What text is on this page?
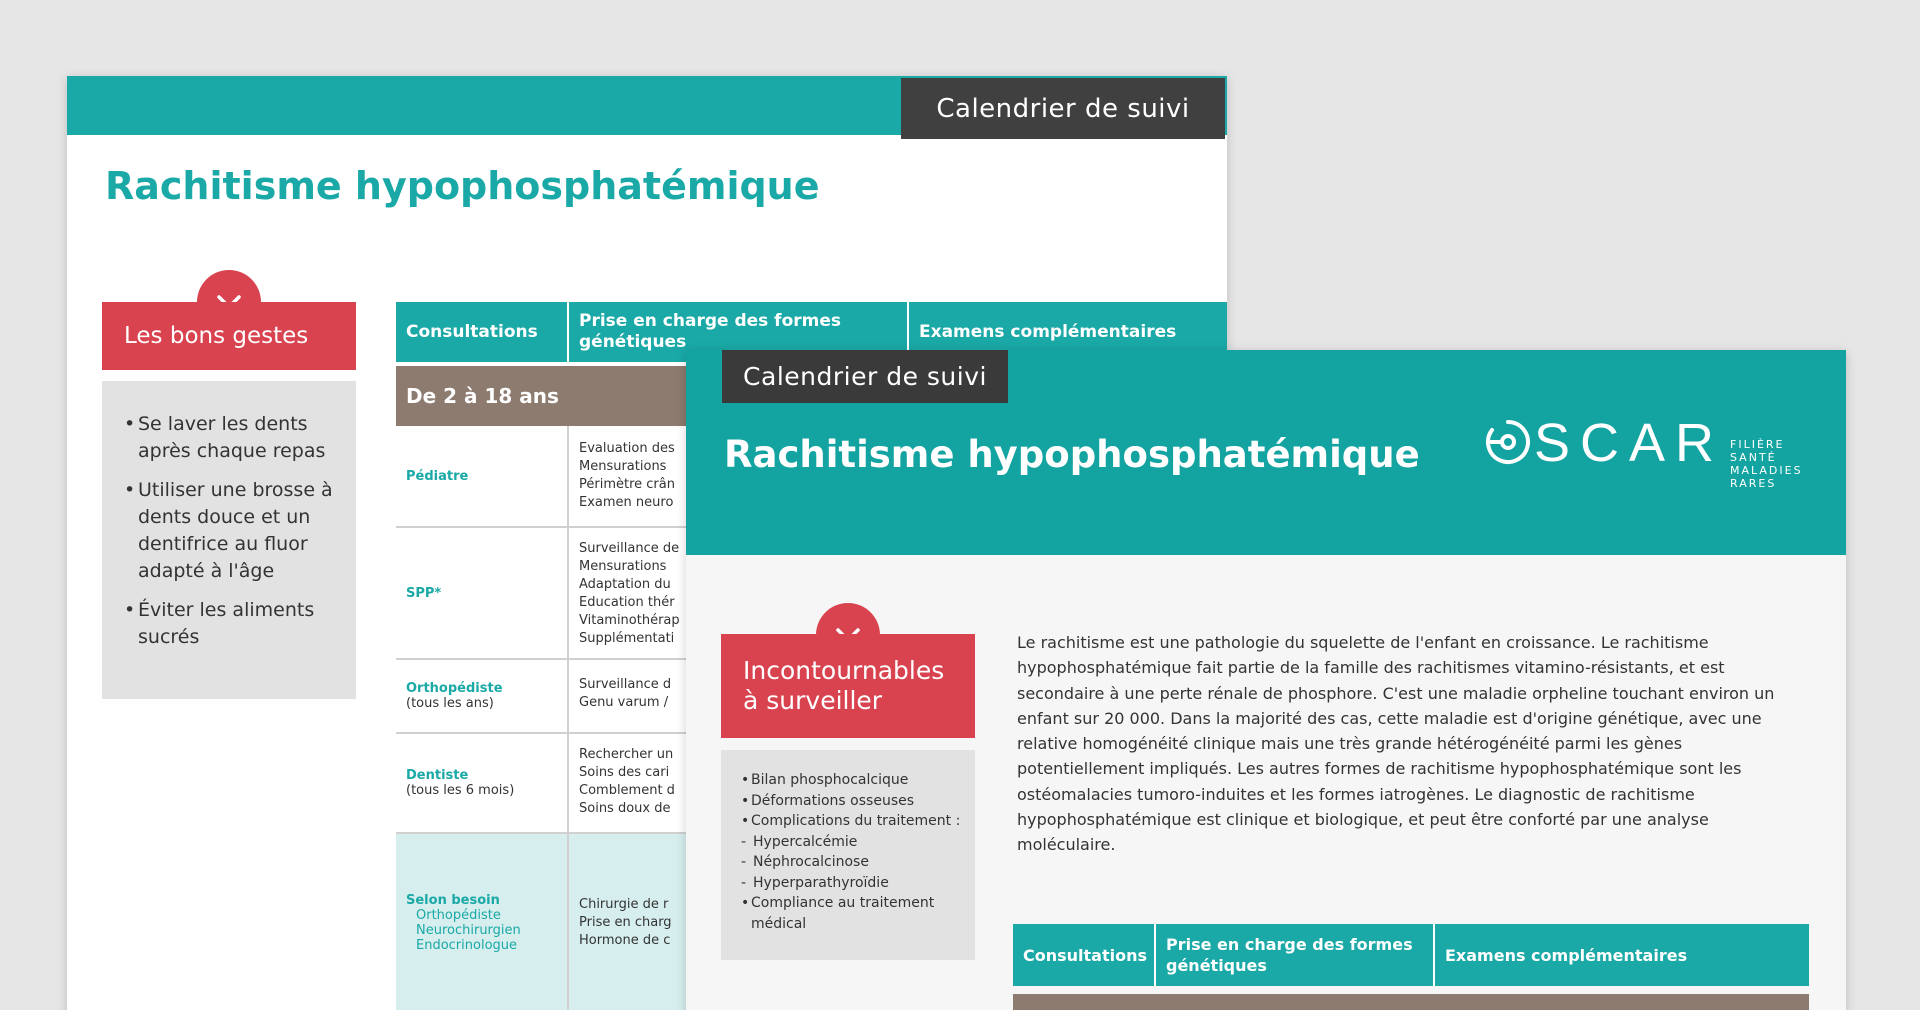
Calendrier de suivi
Rachitisme hypophosphatémique
Les bons gestes
• Se laver les dents après chaque repas
• Utiliser une brosse à dents douce et un dentifrice au fluor adapté à l'âge
• Éviter les aliments sucrés
Consultations
Prise en charge des formes génétiques
Examens complémentaires
De 2 à 18 ans
Pédiatre
Evaluation des
Mensurations
Périmètre crân
Examen neuro
SPP*
Surveillance de
Mensurations
Adaptation du
Education thér
Vitaminothérap
Supplémentati
Orthopédiste
(tous les ans)
Surveillance d
Genu varum /
Dentiste
(tous les 6 mois)
Rechercher un
Soins des cari
Comblement d
Soins doux de
Selon besoin
Orthopédiste
Neurochirurgien
Endocrinologue
Chirurgie de r
Prise en charg
Hormone de c
Calendrier de suivi
Rachitisme hypophosphatémique SCAR FILIÈRE
SANTÉ
MALADIES
RARES
Incontournables
à surveiller
• Bilan phosphocalcique
• Déformations osseuses
• Complications du traitement :
- Hypercalcémie
- Néphrocalcinose
- Hyperparathyroïdie
• Compliance au traitement
médical

Le rachitisme est une pathologie du squelette de l'enfant en croissance. Le rachitisme hypophosphatémique fait partie de la famille des rachitismes vitamino-résistants, et est secondaire à une perte rénale de phosphore. C'est une maladie orpheline touchant environ un enfant sur 20 000. Dans la majorité des cas, cette maladie est d'origine génétique, avec une relative homogénéité clinique mais une très grande hétérogénéité parmi les gènes potentiellement impliqués. Les autres formes de rachitisme hypophosphatémique sont les ostéomalacies tumoro-induites et les formes iatrogènes. Le diagnostic de rachitisme hypophosphatémique est clinique et biologique, et peut être conforté par une analyse moléculaire.

Consultations
Prise en charge des formes génétiques
Examens complémentaires
